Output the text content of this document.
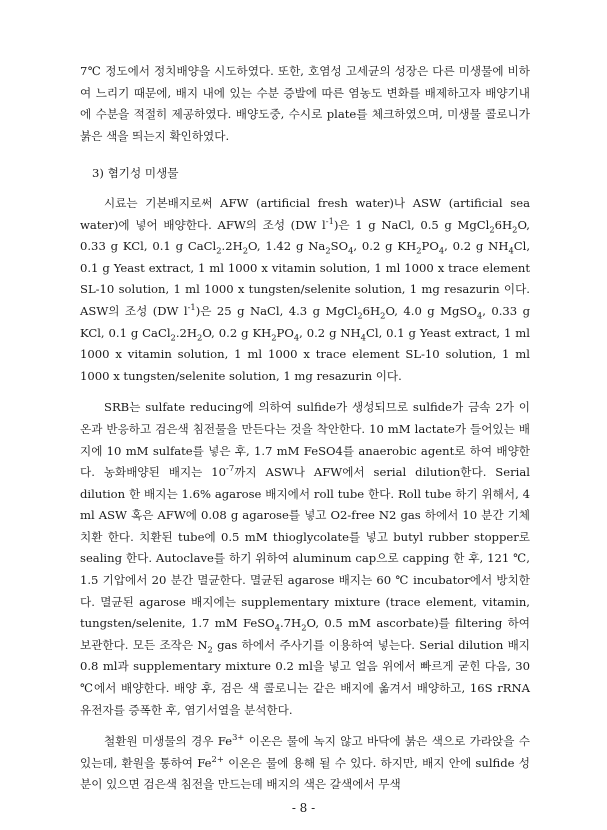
7℃ 정도에서 정치배양을 시도하였다. 또한, 호염성 고세균의 성장은 다른 미생물에 비하여 느리기 때문에, 배지 내에 있는 수분 증발에 따른 염농도 변화를 배제하고자 배양기내에 수분을 적절히 제공하였다. 배양도중, 수시로 plate를 체크하였으며, 미생물 콜로니가 붉은 색을 띄는지 확인하였다.

3) 혐기성 미생물

시료는 기본배지로써 AFW (artificial fresh water)나 ASW (artificial sea water)에 넣어 배양한다. AFW의 조성 (DW $l^{-1}$)은 1 g NaCl, 0.5 g $MgCl_26H_2O$, 0.33 g KCl, 0.1 g $CaCl_2.2H_2O$, 1.42 g $Na_2SO_4$, 0.2 g $KH_2PO_4$, 0.2 g $NH_4Cl$, 0.1 g Yeast extract, 1 ml 1000 x vitamin solution, 1 ml 1000 x trace element SL-10 solution, 1 ml 1000 x tungsten/selenite solution, 1 mg resazurin 이다. ASW의 조성 (DW $l^{-1}$)은 25 g NaCl, 4.3 g $MgCl_26H_2O$, 4.0 g MgSO$_4$, 0.33 g KCl, 0.1 g $CaCl_2.2H_2O$, 0.2 g $KH_2PO_4$, 0.2 g $NH_4Cl$, 0.1 g Yeast extract, 1 ml 1000 x vitamin solution, 1 ml 1000 x trace element SL-10 solution, 1 ml 1000 x tungsten/selenite solution, 1 mg resazurin 이다.

SRB는 sulfate reducing에 의하여 sulfide가 생성되므로 sulfide가 금속 2가 이온과 반응하고 검은색 침전물을 만든다는 것을 착안한다. 10 mM lactate가 들어있는 배지에 10 mM sulfate를 넣은 후, 1.7 mM FeSO4를 anaerobic agent로 하여 배양한다. 농화배양된 배지는 $10^{-7}$까지 ASW나 AFW에서 serial dilution한다. Serial dilution 한 배지는 1.6% agarose 배지에서 roll tube 한다. Roll tube 하기 위해서, 4 ml ASW 혹은 AFW에 0.08 g agarose를 넣고 O2-free N2 gas 하에서 10 분간 기체 치환 한다. 치환된 tube에 0.5 mM thioglycolate를 넣고 butyl rubber stopper로 sealing 한다. Autoclave를 하기 위하여 aluminum cap으로 capping 한 후, 121 ℃, 1.5 기압에서 20 분간 멸균한다. 멸균된 agarose 배지는 60 ℃ incubator에서 방치한다. 멸균된 agarose 배지에는 supplementary mixture (trace element, vitamin, tungsten/selenite, 1.7 mM $FeSO_4.7H_2O$, 0.5 mM ascorbate)를 filtering 하여 보관한다. 모든 조작은 $N_2$ gas 하에서 주사기를 이용하여 넣는다. Serial dilution 배지 0.8 ml과 supplementary mixture 0.2 ml을 넣고 얼음 위에서 빠르게 굳힌 다음, 30 ℃에서 배양한다. 배양 후, 검은 색 콜로니는 같은 배지에 옮겨서 배양하고, 16S rRNA 유전자를 증폭한 후, 염기서열을 분석한다.

철환원 미생물의 경우 $Fe^{3+}$ 이온은 물에 녹지 않고 바닥에 붉은 색으로 가라앉을 수 있는데, 환원을 통하여 $Fe^{2+}$ 이온은 물에 용해 될 수 있다. 하지만, 배지 안에 sulfide 성분이 있으면 검은색 침전을 만드는데 배지의 색은 갈색에서 무색

- 8 -
